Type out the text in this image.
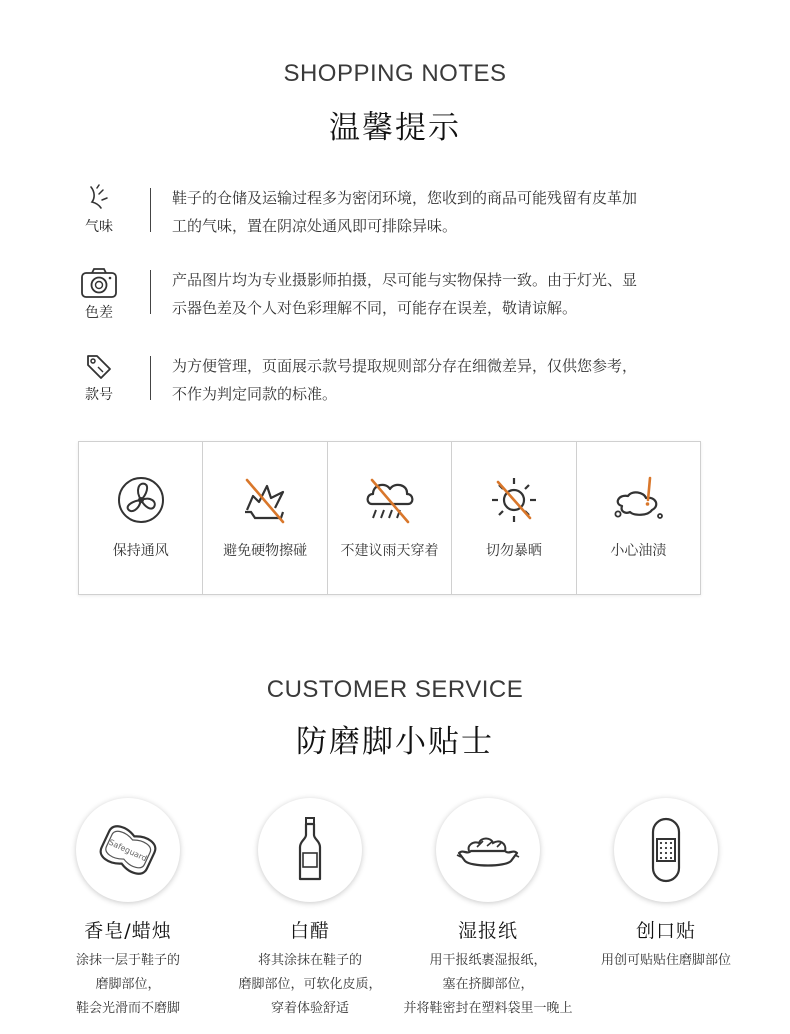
SHOPPING NOTES
温馨提示
气味
鞋子的仓储及运输过程多为密闭环境，您收到的商品可能残留有皮革加
工的气味，置在阴凉处通风即可排除异味。
色差
产品图片均为专业摄影师拍摄，尽可能与实物保持一致。由于灯光、显
示器色差及个人对色彩理解不同，可能存在误差，敬请谅解。
款号
为方便管理，页面展示款号提取规则部分存在细微差异，仅供您参考，
不作为判定同款的标准。
保持通风	避免硬物擦碰	不建议雨天穿着	切勿暴晒	小心油渍
CUSTOMER SERVICE
防磨脚小贴士
Safeguard
香皂/蜡烛
涂抹一层于鞋子的
磨脚部位，
鞋会光滑而不磨脚
白醋
将其涂抹在鞋子的
磨脚部位，可软化皮质，
穿着体验舒适
湿报纸
用干报纸裹湿报纸，
塞在挤脚部位，
并将鞋密封在塑料袋里一晚上
创口贴
用创可贴贴住磨脚部位
